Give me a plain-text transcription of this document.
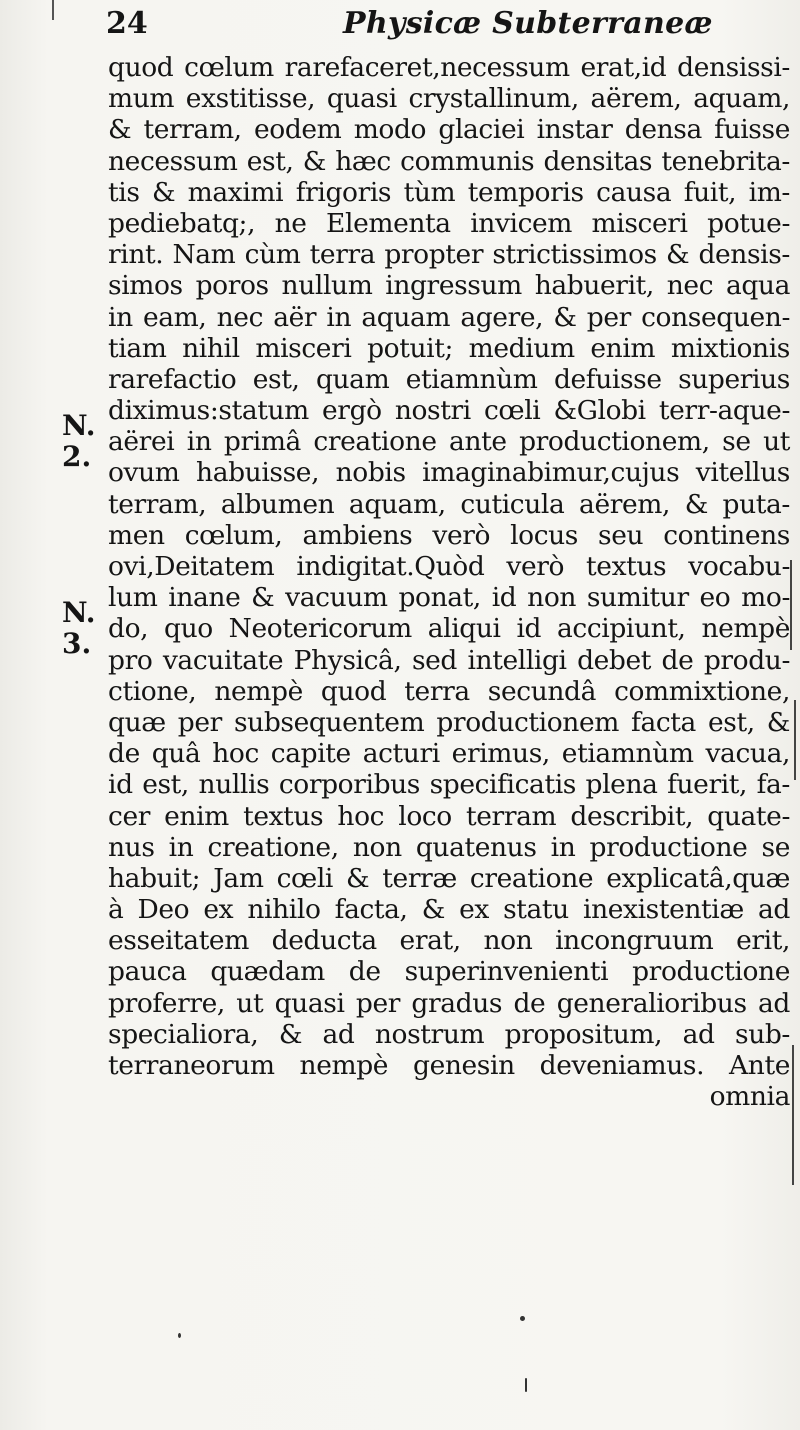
24	Physicæ Subterraneæ
quod cœlum rarefaceret,necessum erat,id densissi-
mum exstitisse, quasi crystallinum, aërem, aquam,
& terram, eodem modo glaciei instar densa fuisse
necessum est, & hæc communis densitas tenebrita-
tis & maximi frigoris tùm temporis causa fuit, im-
pediebatq;, ne Elementa invicem misceri potue-
rint. Nam cùm terra propter strictissimos & densis-
simos poros nullum ingressum habuerit, nec aqua
in eam, nec aër in aquam agere, & per consequen-
tiam nihil misceri potuit; medium enim mixtionis
rarefactio est, quam etiamnùm defuisse superius
diximus:statum ergò nostri cœli &Globi terr-aque-
aërei in primâ creatione ante productionem, se ut
ovum habuisse, nobis imaginabimur,cujus vitellus
terram, albumen aquam, cuticula aërem, & puta-
men cœlum, ambiens verò locus seu continens
ovi,Deitatem indigitat.Quòd verò textus vocabu-
lum inane & vacuum ponat, id non sumitur eo mo-
do, quo Neotericorum aliqui id accipiunt, nempè
pro vacuitate Physicâ, sed intelligi debet de produ-
ctione, nempè quod terra secundâ commixtione,
quæ per subsequentem productionem facta est, &
de quâ hoc capite acturi erimus, etiamnùm vacua,
id est, nullis corporibus specificatis plena fuerit, fa-
cer enim textus hoc loco terram describit, quate-
nus in creatione, non quatenus in productione se
habuit; Jam cœli & terræ creatione explicatâ,quæ
à Deo ex nihilo facta, & ex statu inexistentiæ ad
esseitatem deducta erat, non incongruum erit,
pauca quædam de superinvenienti productione
proferre, ut quasi per gradus de generalioribus ad
specialiora, & ad nostrum propositum, ad sub-
terraneorum nempè genesin deveniamus. Ante
omnia
N.
2.
N.
3.
